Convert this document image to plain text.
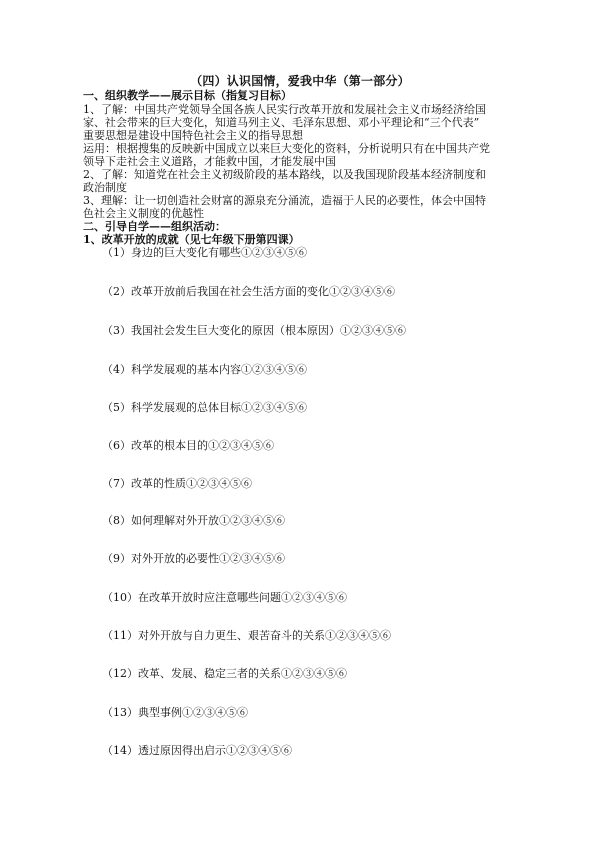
（四）认识国情，爱我中华（第一部分）
一、组织教学——展示目标（指复习目标）
1、了解：中国共产党领导全国各族人民实行改革开放和发展社会主义市场经济给国
家、社会带来的巨大变化，知道马列主义、毛泽东思想、邓小平理论和“三个代表”
重要思想是建设中国特色社会主义的指导思想
运用：根据搜集的反映新中国成立以来巨大变化的资料，分析说明只有在中国共产党
领导下走社会主义道路，才能救中国，才能发展中国
2、了解：知道党在社会主义初级阶段的基本路线，以及我国现阶段基本经济制度和
政治制度
3、理解：让一切创造社会财富的源泉充分涌流，造福于人民的必要性，体会中国特
色社会主义制度的优越性
二、引导自学——组织活动：
1、改革开放的成就（见七年级下册第四课）
（1）身边的巨大变化有哪些①②③④⑤⑥
（2）改革开放前后我国在社会生活方面的变化①②③④⑤⑥
（3）我国社会发生巨大变化的原因（根本原因）①②③④⑤⑥
（4）科学发展观的基本内容①②③④⑤⑥
（5）科学发展观的总体目标①②③④⑤⑥
（6）改革的根本目的①②③④⑤⑥
（7）改革的性质①②③④⑤⑥
（8）如何理解对外开放①②③④⑤⑥
（9）对外开放的必要性①②③④⑤⑥
（10）在改革开放时应注意哪些问题①②③④⑤⑥
（11）对外开放与自力更生、艰苦奋斗的关系①②③④⑤⑥
（12）改革、发展、稳定三者的关系①②③④⑤⑥
（13）典型事例①②③④⑤⑥
（14）透过原因得出启示①②③④⑤⑥
